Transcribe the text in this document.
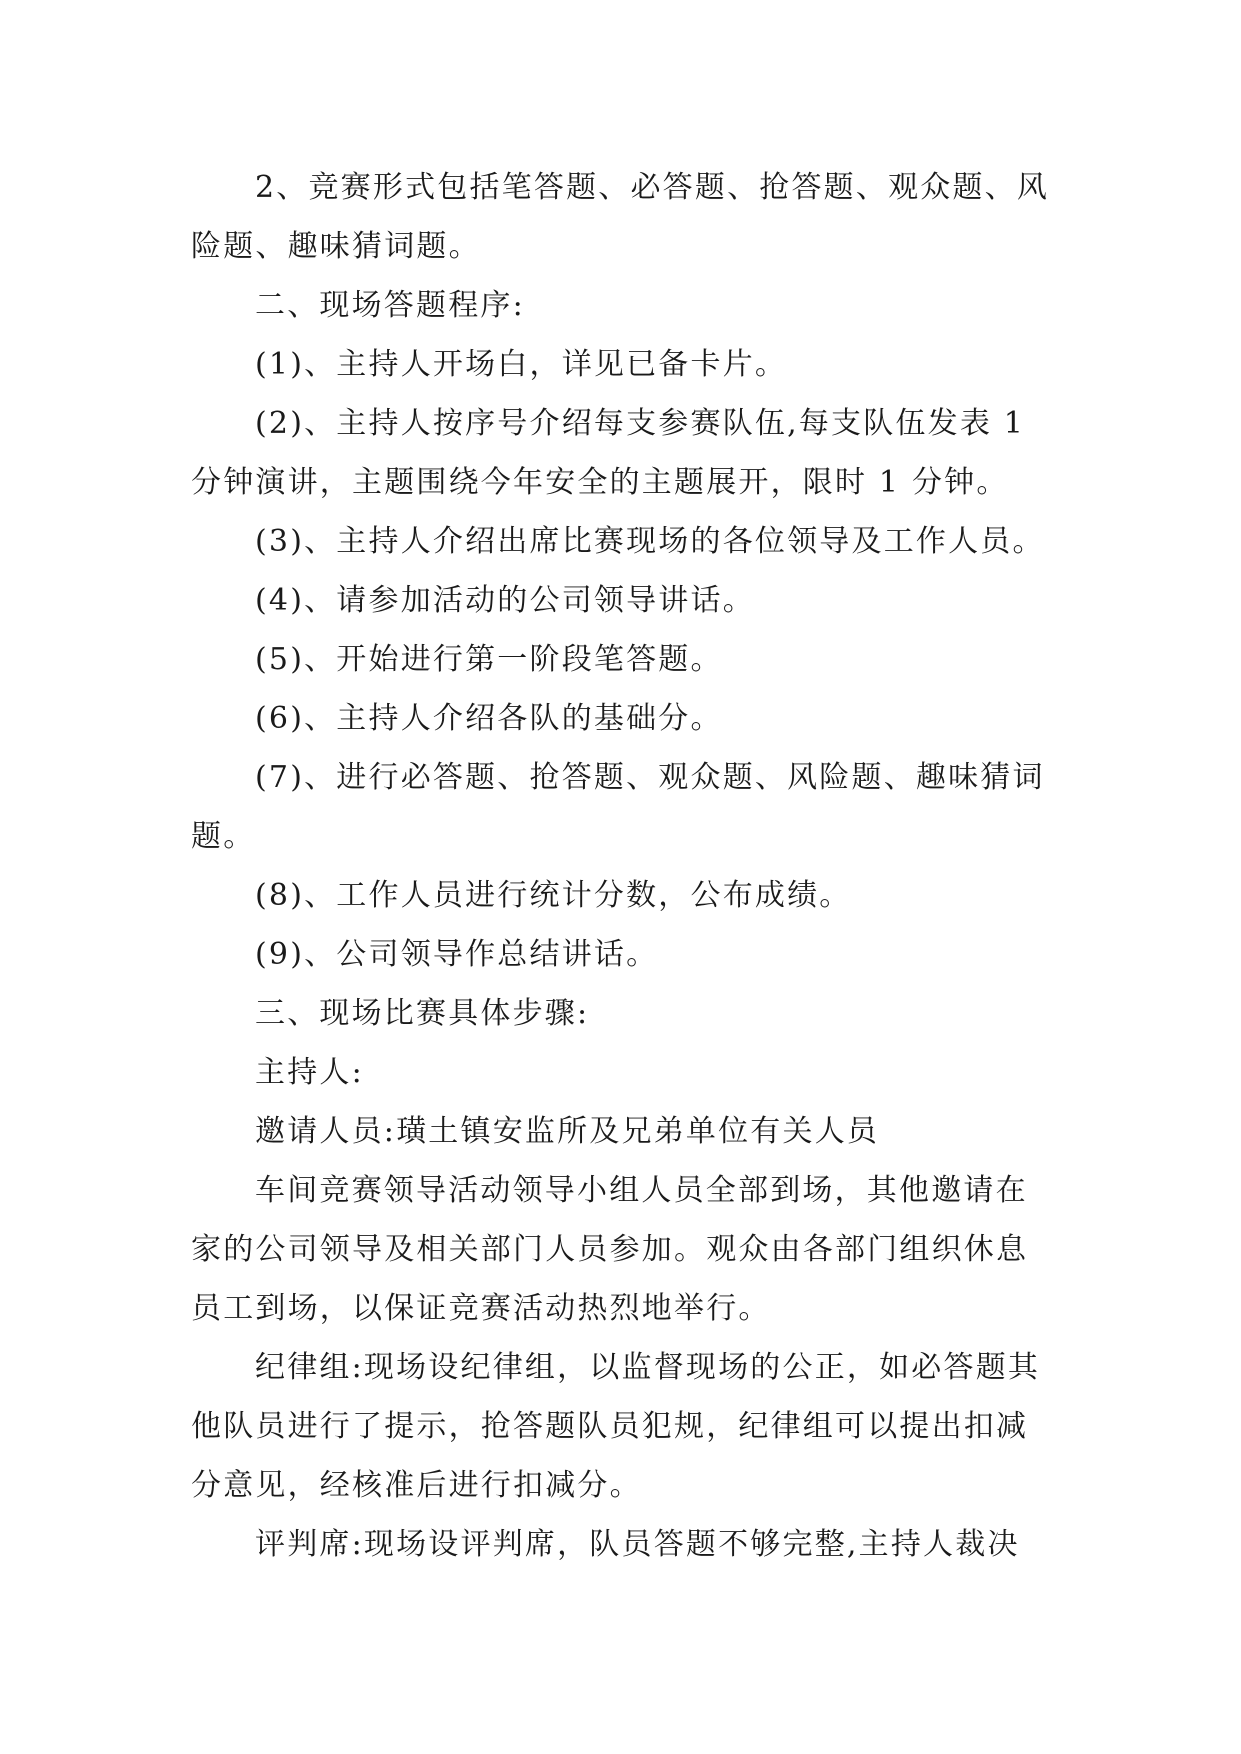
2、竞赛形式包括笔答题、必答题、抢答题、观众题、风险题、趣味猜词题。

二、现场答题程序:

(1)、主持人开场白，详见已备卡片。

(2)、主持人按序号介绍每支参赛队伍,每支队伍发表 1 分钟演讲，主题围绕今年安全的主题展开，限时 1 分钟。

(3)、主持人介绍出席比赛现场的各位领导及工作人员。

(4)、请参加活动的公司领导讲话。

(5)、开始进行第一阶段笔答题。

(6)、主持人介绍各队的基础分。

(7)、进行必答题、抢答题、观众题、风险题、趣味猜词题。

(8)、工作人员进行统计分数，公布成绩。

(9)、公司领导作总结讲话。

三、现场比赛具体步骤:

主持人:

邀请人员:璜土镇安监所及兄弟单位有关人员

车间竞赛领导活动领导小组人员全部到场，其他邀请在家的公司领导及相关部门人员参加。观众由各部门组织休息员工到场，以保证竞赛活动热烈地举行。

纪律组:现场设纪律组，以监督现场的公正，如必答题其他队员进行了提示，抢答题队员犯规，纪律组可以提出扣减分意见，经核准后进行扣减分。

评判席:现场设评判席，队员答题不够完整,主持人裁决
